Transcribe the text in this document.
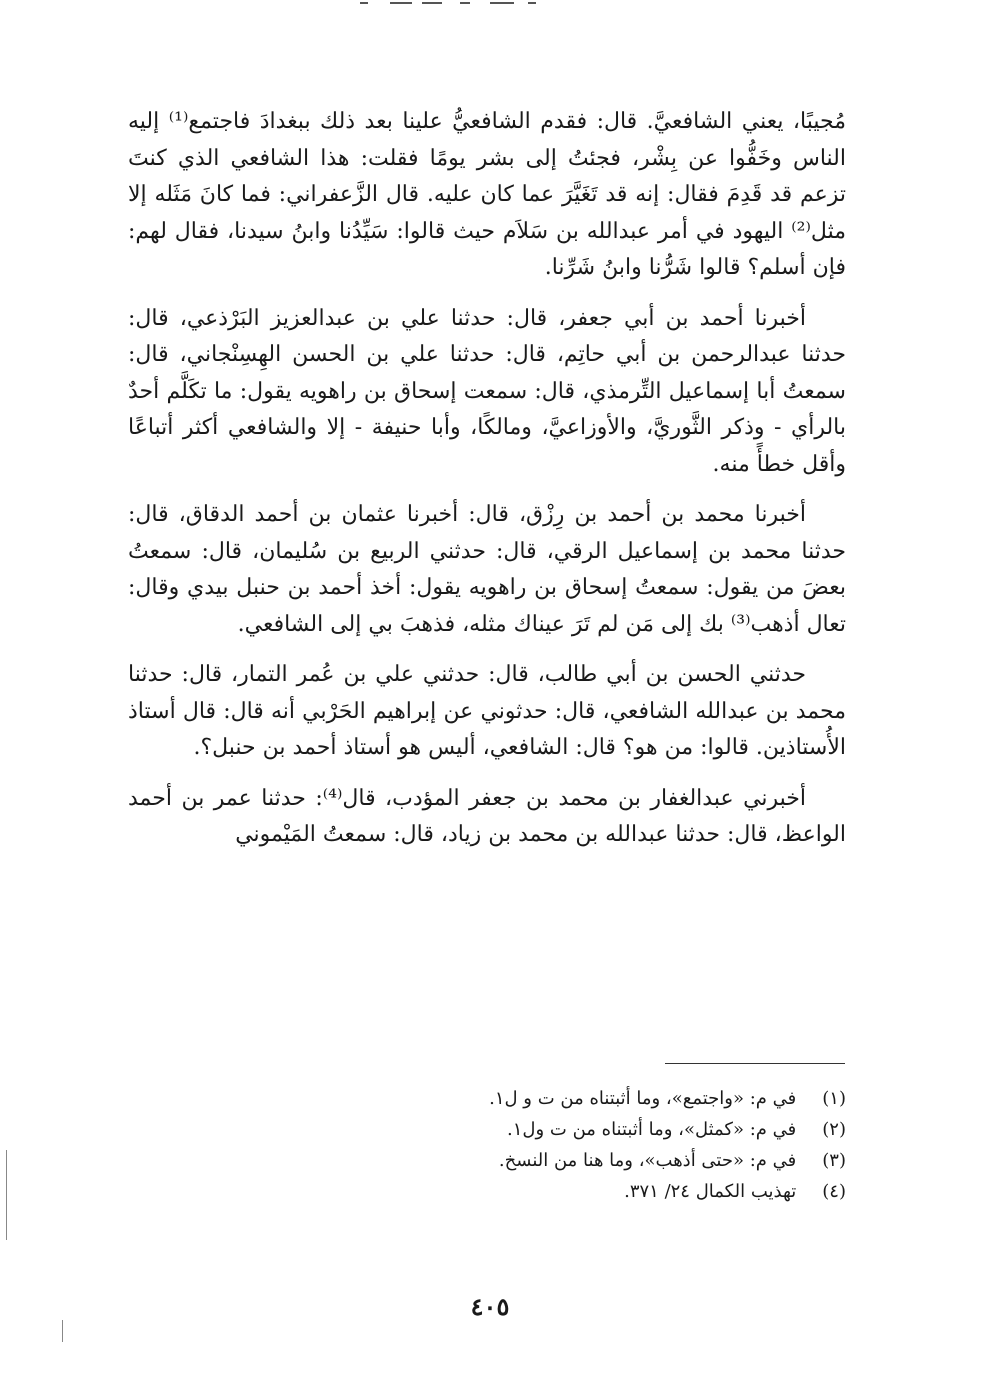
مُجيبًا، يعني الشافعيَّ. قال: فقدم الشافعيُّ علينا بعد ذلك ببغدادَ فاجتمع⁽¹⁾ إليه الناس وخَفُّوا عن بِشْر، فجئتُ إلى بشر يومًا فقلت: هذا الشافعي الذي كنتَ تزعم قد قَدِمَ فقال: إنه قد تَغَيَّرَ عما كان عليه. قال الزَّعفراني: فما كانَ مَثَله إلا مثل⁽²⁾ اليهود في أمر عبدالله بن سَلاَم حيث قالوا: سَيِّدُنا وابنُ سيدنا، فقال لهم: فإن أسلم؟ قالوا شَرُّنا وابنُ شَرِّنا.

أخبرنا أحمد بن أبي جعفر، قال: حدثنا علي بن عبدالعزيز البَرْذعي، قال: حدثنا عبدالرحمن بن أبي حاتِم، قال: حدثنا علي بن الحسن الهِسِنْجاني، قال: سمعتُ أبا إسماعيل التِّرمذي، قال: سمعت إسحاق بن راهويه يقول: ما تكَلَّم أحدٌ بالرأي - وذكر الثَّوريَّ، والأوزاعيَّ، ومالكًا، وأبا حنيفة - إلا والشافعي أكثر أتباعًا وأقل خطأً منه.

أخبرنا محمد بن أحمد بن رِزْق، قال: أخبرنا عثمان بن أحمد الدقاق، قال: حدثنا محمد بن إسماعيل الرقي، قال: حدثني الربيع بن سُليمان، قال: سمعتُ بعضَ من يقول: سمعتُ إسحاق بن راهويه يقول: أخذ أحمد بن حنبل بيدي وقال: تعال أذهب⁽³⁾ بك إلى مَن لم تَرَ عيناك مثله، فذهبَ بي إلى الشافعي.

حدثني الحسن بن أبي طالب، قال: حدثني علي بن عُمر التمار، قال: حدثنا محمد بن عبدالله الشافعي، قال: حدثوني عن إبراهيم الحَرْبي أنه قال: قال أستاذ الأُستاذين. قالوا: من هو؟ قال: الشافعي، أليس هو أستاذ أحمد بن حنبل؟.

أخبرني عبدالغفار بن محمد بن جعفر المؤدب، قال⁽⁴⁾: حدثنا عمر بن أحمد الواعظ، قال: حدثنا عبدالله بن محمد بن زياد، قال: سمعتُ المَيْموني

(١) في م: «واجتمع»، وما أثبتناه من ت و ل١.
(٢) في م: «كمثل»، وما أثبتناه من ت ول١.
(٣) في م: «حتى أذهب»، وما هنا من النسخ.
(٤) تهذيب الكمال ٢٤/ ٣٧١.
٤٠٥
